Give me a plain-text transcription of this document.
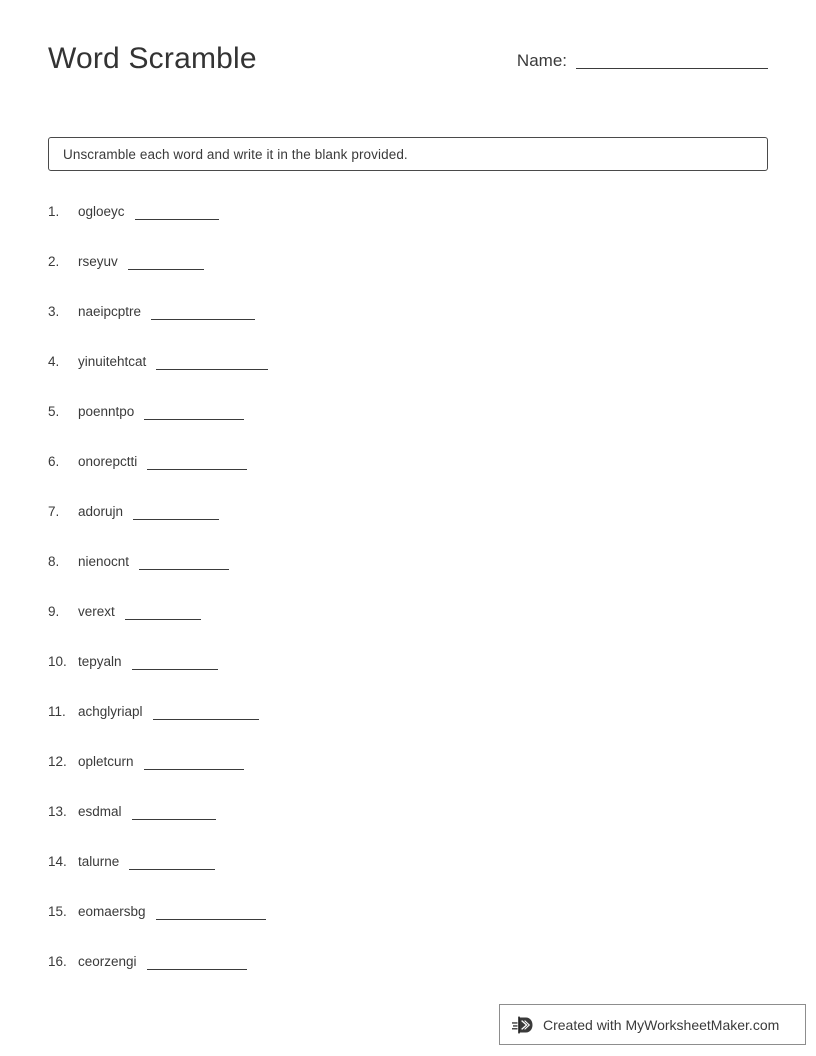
Word Scramble	Name:
Unscramble each word and write it in the blank provided.
1.	ogloeyc
2.	rseyuv
3.	naeipcptre
4.	yinuitehtcat
5.	poenntpo
6.	onorepctti
7.	adorujn
8.	nienocnt
9.	verext
10. tepyaln
11. achglyriapl
12. opletcurn
13. esdmal
14. talurne
15. eomaersbg
16. ceorzengi
Created with MyWorksheetMaker.com
